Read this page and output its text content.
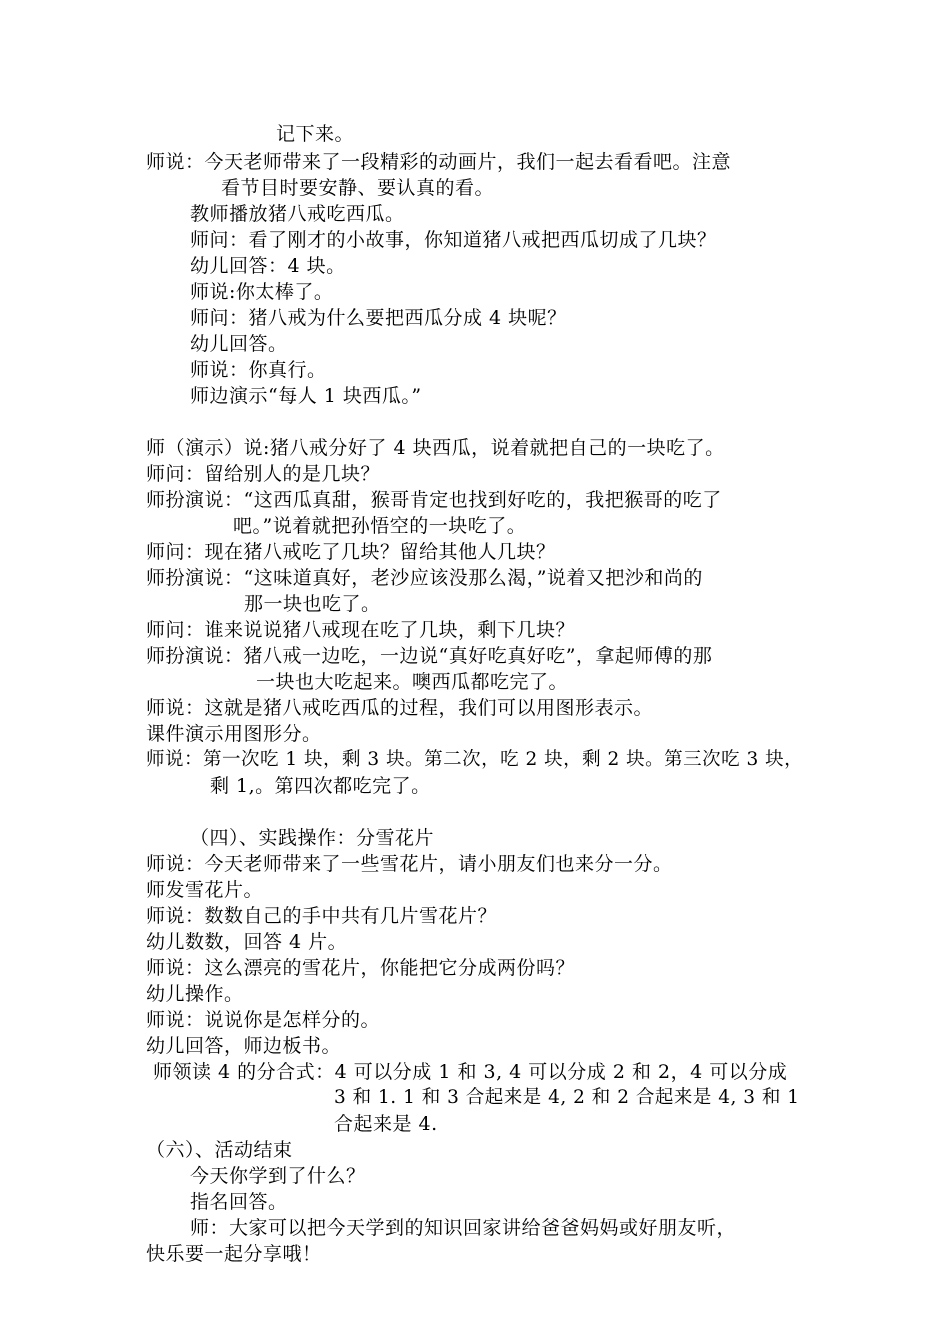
记下来。
师说：今天老师带来了一段精彩的动画片，我们一起去看看吧。注意
看节目时要安静、要认真的看。
教师播放猪八戒吃西瓜。
师问：看了刚才的小故事，你知道猪八戒把西瓜切成了几块？
幼儿回答：4 块。
师说:你太棒了。
师问：猪八戒为什么要把西瓜分成 4 块呢？
幼儿回答。
师说：你真行。
师边演示“每人 1 块西瓜。”
师（演示）说:猪八戒分好了 4 块西瓜，说着就把自己的一块吃了。
师问：留给别人的是几块？
师扮演说：“这西瓜真甜，猴哥肯定也找到好吃的，我把猴哥的吃了
吧。”说着就把孙悟空的一块吃了。
师问：现在猪八戒吃了几块？留给其他人几块？
师扮演说：“这味道真好，老沙应该没那么渴，”说着又把沙和尚的
那一块也吃了。
师问：谁来说说猪八戒现在吃了几块，剩下几块？
师扮演说：猪八戒一边吃，一边说“真好吃真好吃”，拿起师傅的那
一块也大吃起来。噢西瓜都吃完了。
师说：这就是猪八戒吃西瓜的过程，我们可以用图形表示。
课件演示用图形分。
师说：第一次吃 1 块，剩 3 块。第二次，吃 2 块，剩 2 块。第三次吃 3 块，
剩 1,。第四次都吃完了。
（四）、实践操作：分雪花片
师说：今天老师带来了一些雪花片，请小朋友们也来分一分。
师发雪花片。
师说：数数自己的手中共有几片雪花片？
幼儿数数，回答 4 片。
师说：这么漂亮的雪花片，你能把它分成两份吗？
幼儿操作。
师说：说说你是怎样分的。
幼儿回答，师边板书。
师领读 4 的分合式：4 可以分成 1 和 3, 4 可以分成 2 和 2，4 可以分成
3 和 1. 1 和 3 合起来是 4, 2 和 2 合起来是 4, 3 和 1
合起来是 4.
（六）、活动结束
今天你学到了什么？
指名回答。
师：大家可以把今天学到的知识回家讲给爸爸妈妈或好朋友听，
快乐要一起分享哦！
